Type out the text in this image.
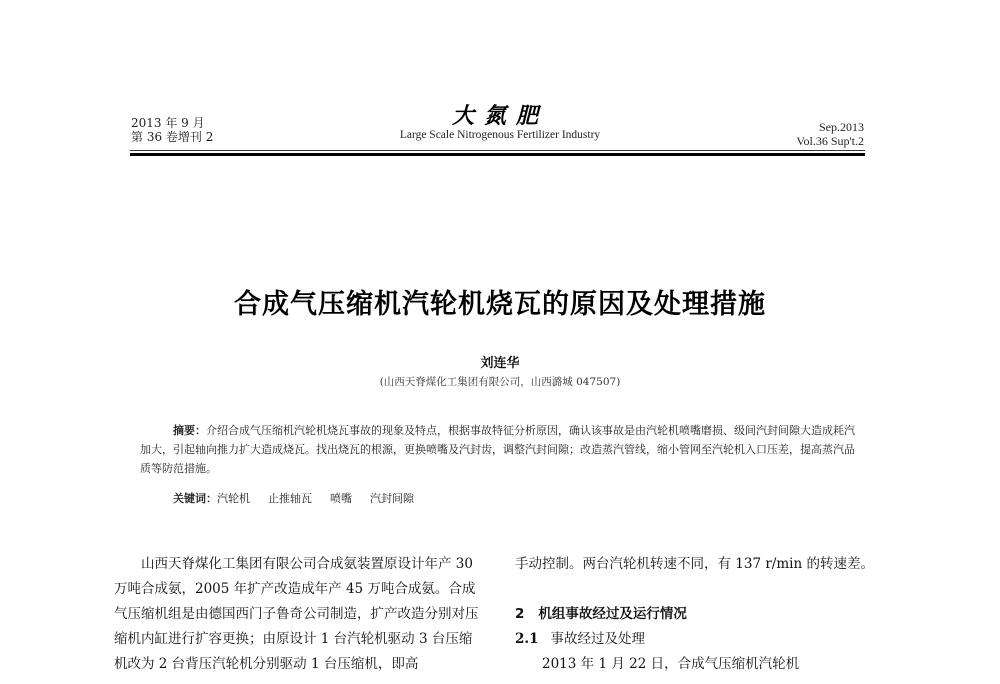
2013 年 9 月
第 36 卷增刊 2
大氮肥
Large Scale Nitrogenous Fertilizer Industry
Sep.2013
Vol.36 Sup't.2
合成气压缩机汽轮机烧瓦的原因及处理措施
刘连华
(山西天脊煤化工集团有限公司，山西潞城 047507)

摘要：介绍合成气压缩机汽轮机烧瓦事故的现象及特点，根据事故特征分析原因，确认该事故是由汽轮机喷嘴磨损、级间汽封间隙大造成耗汽加大，引起轴向推力扩大造成烧瓦。找出烧瓦的根源，更换喷嘴及汽封齿，调整汽封间隙；改造蒸汽管线，缩小管网至汽轮机入口压差，提高蒸汽品质等防范措施。

关键词：汽轮机 止推轴瓦 喷嘴 汽封间隙

山西天脊煤化工集团有限公司合成氨装置原设计年产 30 万吨合成氨，2005 年扩产改造成年产 45 万吨合成氨。合成气压缩机组是由德国西门子鲁奇公司制造，扩产改造分别对压缩机内缸进行扩容更换；由原设计 1 台汽轮机驱动 3 台压缩机改为 2 台背压汽轮机分别驱动 1 台压缩机，即高

手动控制。两台汽轮机转速不同，有 137 r/min 的转速差。

2 机组事故经过及运行情况

2.1 事故经过及处理

2013 年 1 月 22 日，合成气压缩机汽轮机
